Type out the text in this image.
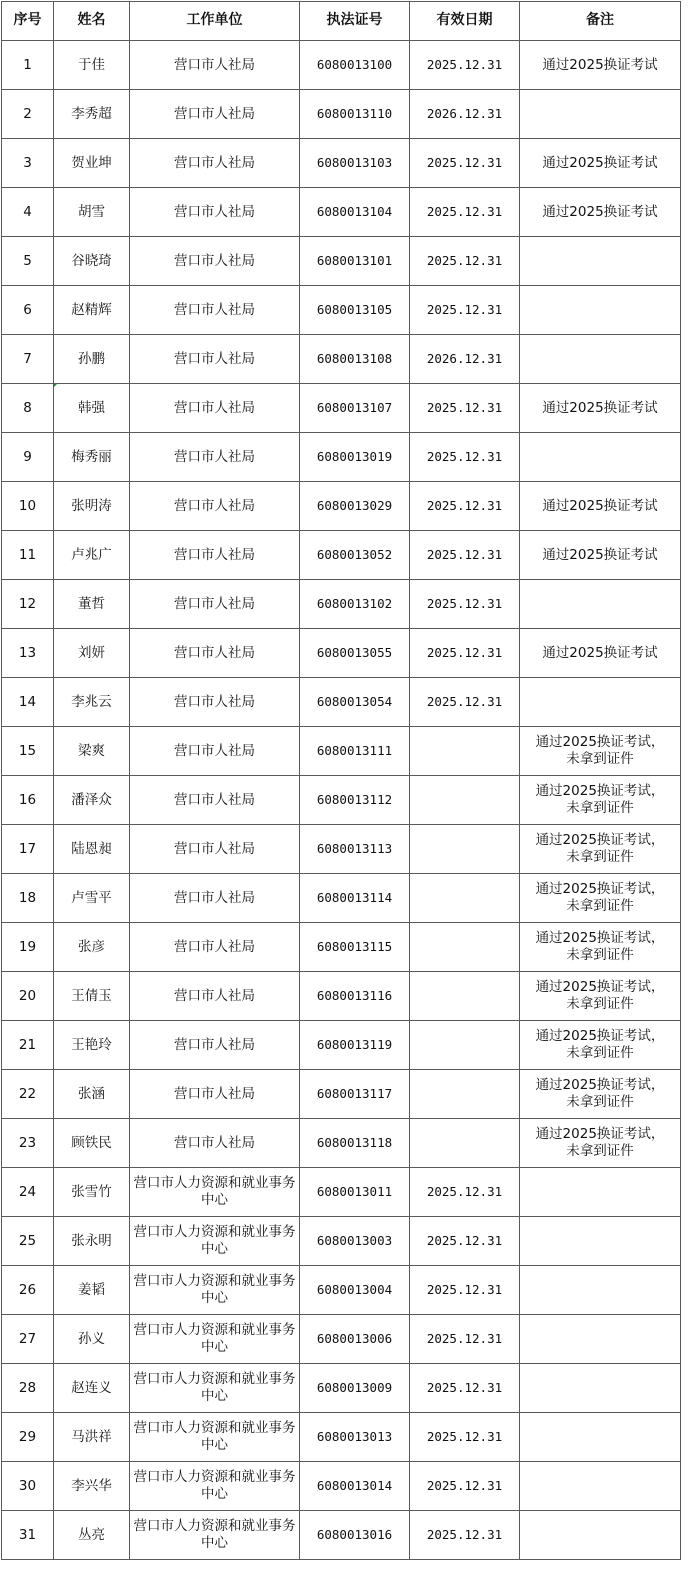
序号	姓名	工作单位	执法证号	有效日期	备注
1	于佳	营口市人社局	6080013100	2025.12.31	通过2025换证考试
2	李秀超	营口市人社局	6080013110	2026.12.31	
3	贺业坤	营口市人社局	6080013103	2025.12.31	通过2025换证考试
4	胡雪	营口市人社局	6080013104	2025.12.31	通过2025换证考试
5	谷晓琦	营口市人社局	6080013101	2025.12.31	
6	赵精辉	营口市人社局	6080013105	2025.12.31	
7	孙鹏	营口市人社局	6080013108	2026.12.31	
8	韩强	营口市人社局	6080013107	2025.12.31	通过2025换证考试
9	梅秀丽	营口市人社局	6080013019	2025.12.31	
10	张明涛	营口市人社局	6080013029	2025.12.31	通过2025换证考试
11	卢兆广	营口市人社局	6080013052	2025.12.31	通过2025换证考试
12	董哲	营口市人社局	6080013102	2025.12.31	
13	刘妍	营口市人社局	6080013055	2025.12.31	通过2025换证考试
14	李兆云	营口市人社局	6080013054	2025.12.31	
15	梁爽	营口市人社局	6080013111		通过2025换证考试，
未拿到证件
16	潘泽众	营口市人社局	6080013112		通过2025换证考试，
未拿到证件
17	陆恩昶	营口市人社局	6080013113		通过2025换证考试，
未拿到证件
18	卢雪平	营口市人社局	6080013114		通过2025换证考试，
未拿到证件
19	张彦	营口市人社局	6080013115		通过2025换证考试，
未拿到证件
20	王倩玉	营口市人社局	6080013116		通过2025换证考试，
未拿到证件
21	王艳玲	营口市人社局	6080013119		通过2025换证考试，
未拿到证件
22	张涵	营口市人社局	6080013117		通过2025换证考试，
未拿到证件
23	顾铁民	营口市人社局	6080013118		通过2025换证考试，
未拿到证件
24	张雪竹	营口市人力资源和就业事务中心	6080013011	2025.12.31	
25	张永明	营口市人力资源和就业事务中心	6080013003	2025.12.31	
26	姜韬	营口市人力资源和就业事务中心	6080013004	2025.12.31	
27	孙义	营口市人力资源和就业事务中心	6080013006	2025.12.31	
28	赵连义	营口市人力资源和就业事务中心	6080013009	2025.12.31	
29	马洪祥	营口市人力资源和就业事务中心	6080013013	2025.12.31	
30	李兴华	营口市人力资源和就业事务中心	6080013014	2025.12.31	
31	丛亮	营口市人力资源和就业事务中心	6080013016	2025.12.31	
